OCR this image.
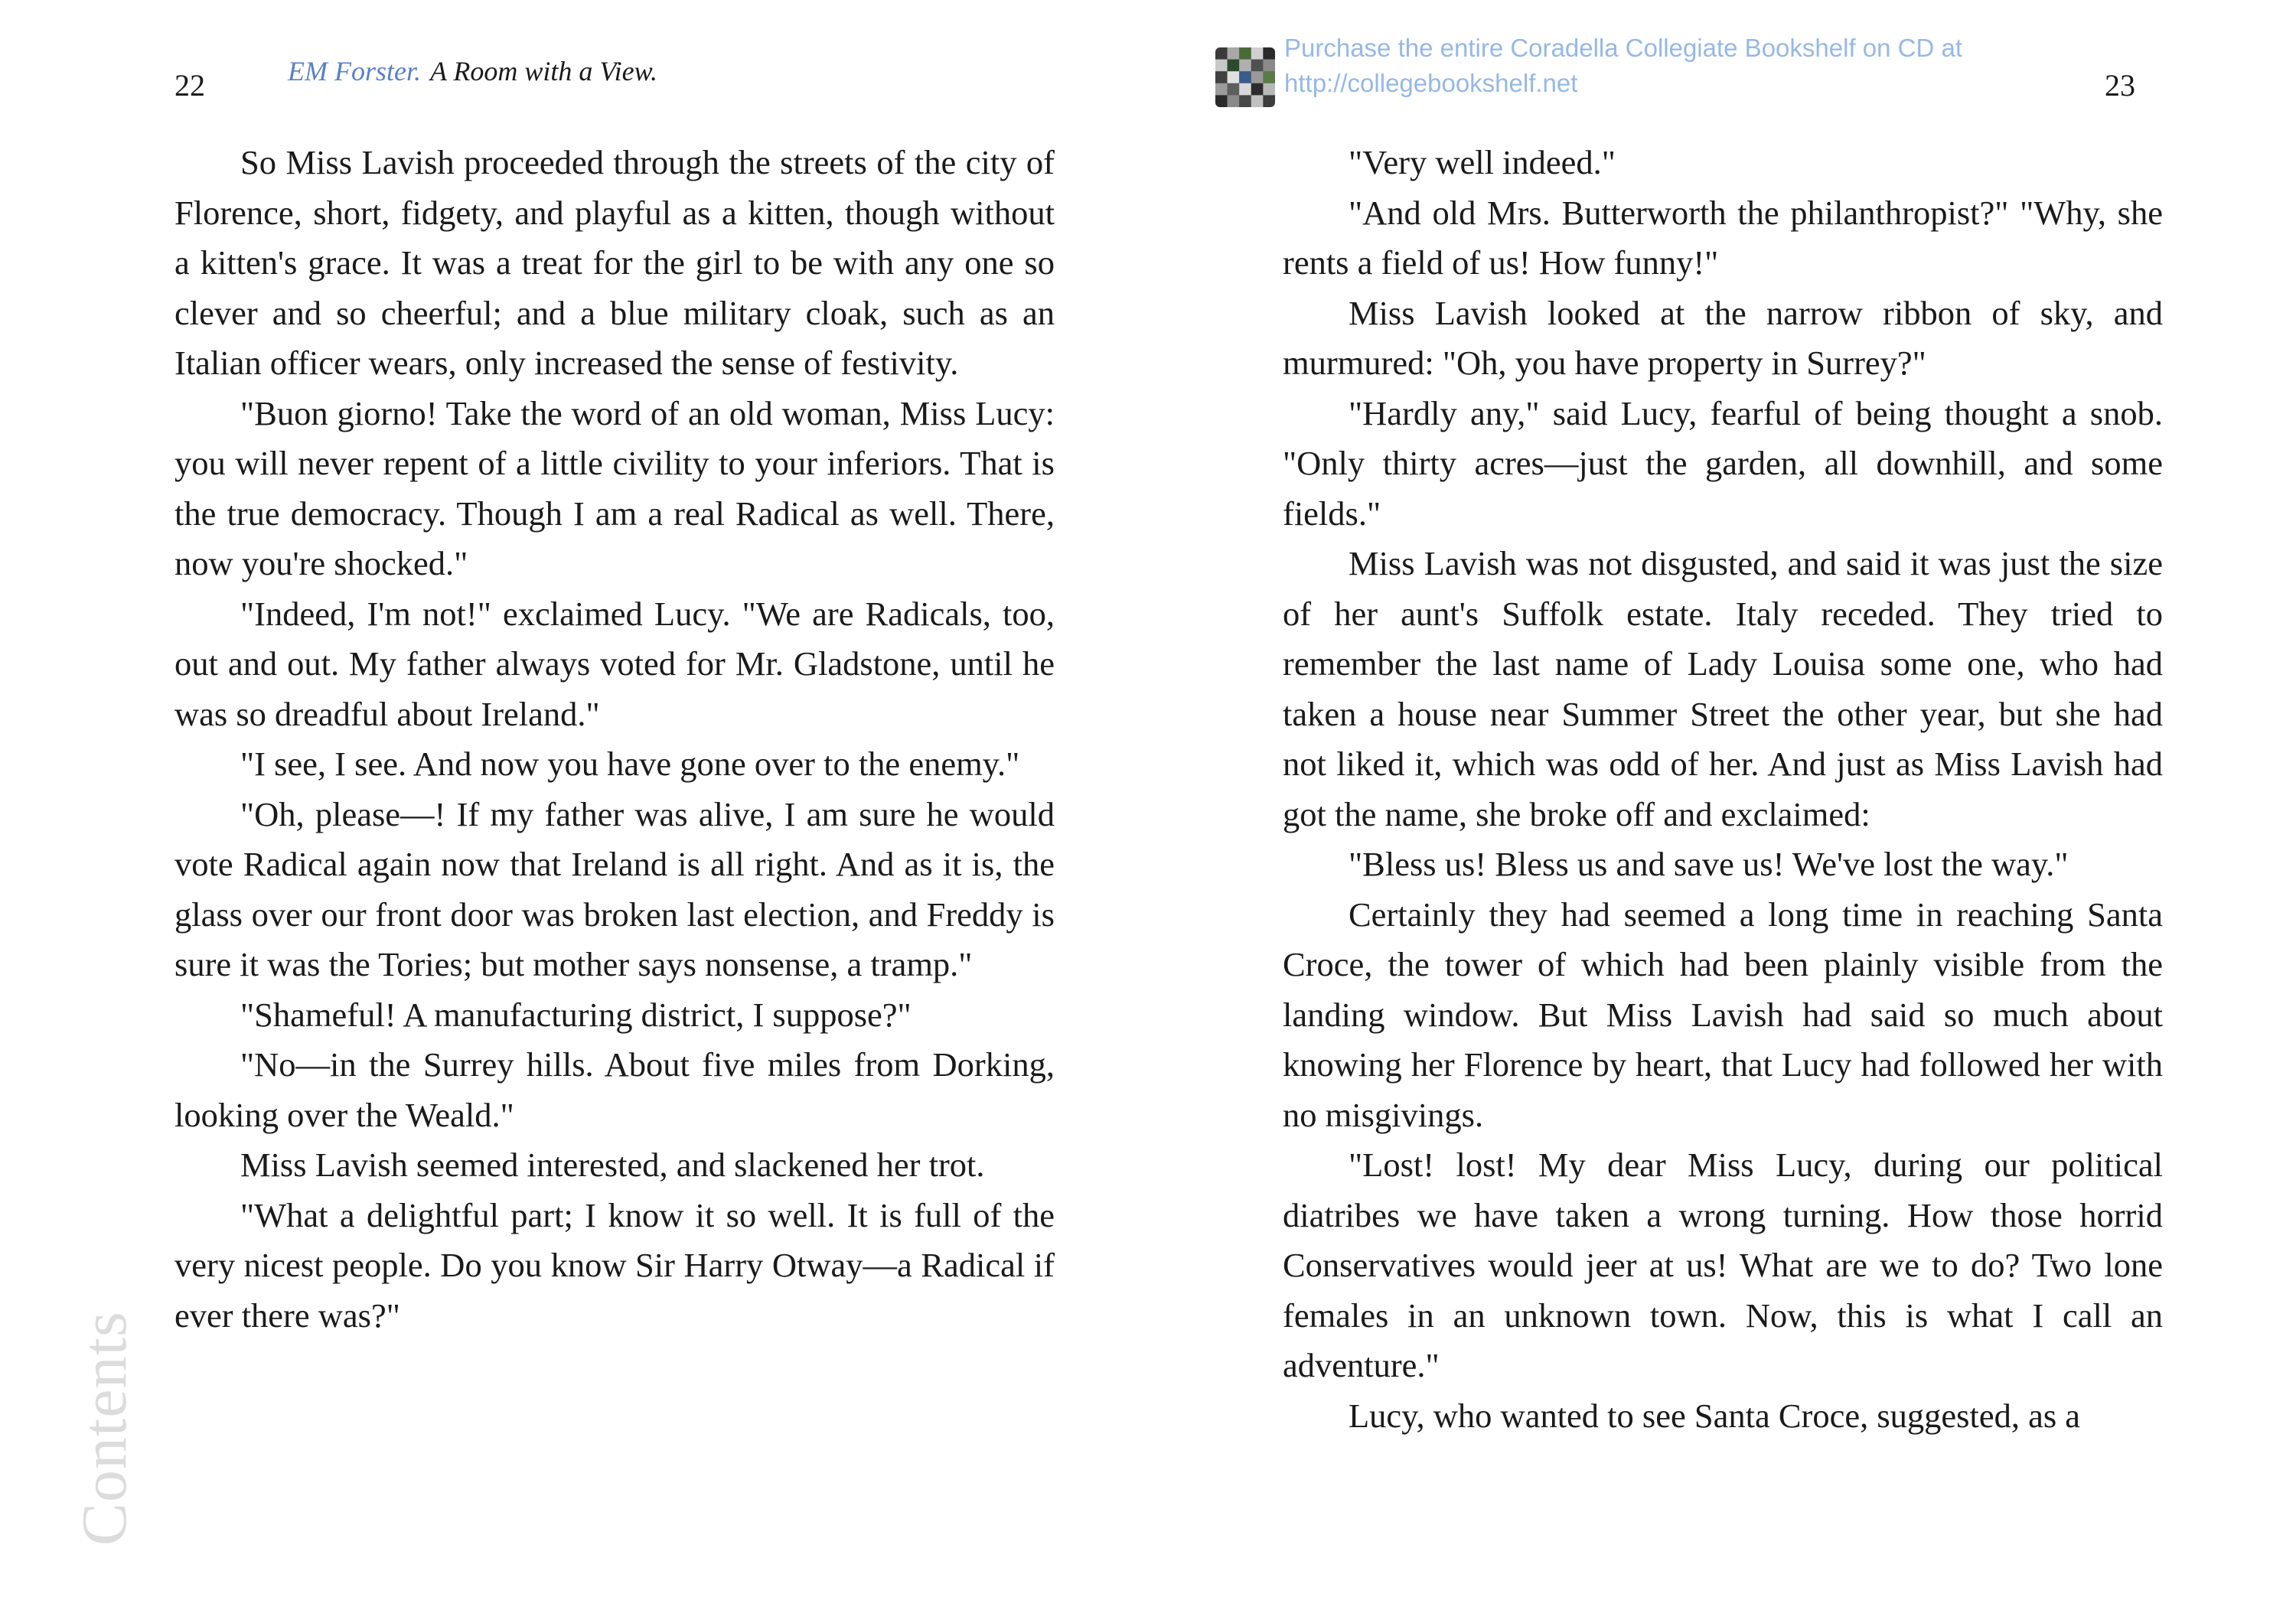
22	EM Forster. A Room with a View.

So Miss Lavish proceeded through the streets of the city of Florence, short, fidgety, and playful as a kitten, though without a kitten's grace. It was a treat for the girl to be with any one so clever and so cheerful; and a blue military cloak, such as an Italian officer wears, only increased the sense of festivity.

"Buon giorno! Take the word of an old woman, Miss Lucy: you will never repent of a little civility to your inferiors. That is the true democracy. Though I am a real Radical as well. There, now you're shocked."

"Indeed, I'm not!" exclaimed Lucy. "We are Radicals, too, out and out. My father always voted for Mr. Gladstone, until he was so dreadful about Ireland."

"I see, I see. And now you have gone over to the enemy."

"Oh, please—! If my father was alive, I am sure he would vote Radical again now that Ireland is all right. And as it is, the glass over our front door was broken last election, and Freddy is sure it was the Tories; but mother says nonsense, a tramp."

"Shameful! A manufacturing district, I suppose?"

"No—in the Surrey hills. About five miles from Dorking, looking over the Weald."

Miss Lavish seemed interested, and slackened her trot.

"What a delightful part; I know it so well. It is full of the very nicest people. Do you know Sir Harry Otway—a Radical if ever there was?"

Contents
Purchase the entire Coradella Collegiate Bookshelf on CD at
http://collegebookshelf.net	23

"Very well indeed."

"And old Mrs. Butterworth the philanthropist?" "Why, she rents a field of us! How funny!"

Miss Lavish looked at the narrow ribbon of sky, and murmured: "Oh, you have property in Surrey?"

"Hardly any," said Lucy, fearful of being thought a snob. "Only thirty acres—just the garden, all downhill, and some fields."

Miss Lavish was not disgusted, and said it was just the size of her aunt's Suffolk estate. Italy receded. They tried to remember the last name of Lady Louisa some one, who had taken a house near Summer Street the other year, but she had not liked it, which was odd of her. And just as Miss Lavish had got the name, she broke off and exclaimed:

"Bless us! Bless us and save us! We've lost the way."

Certainly they had seemed a long time in reaching Santa Croce, the tower of which had been plainly visible from the landing window. But Miss Lavish had said so much about knowing her Florence by heart, that Lucy had followed her with no misgivings.

"Lost! lost! My dear Miss Lucy, during our political diatribes we have taken a wrong turning. How those horrid Conservatives would jeer at us! What are we to do? Two lone females in an unknown town. Now, this is what I call an adventure."

Lucy, who wanted to see Santa Croce, suggested, as a
